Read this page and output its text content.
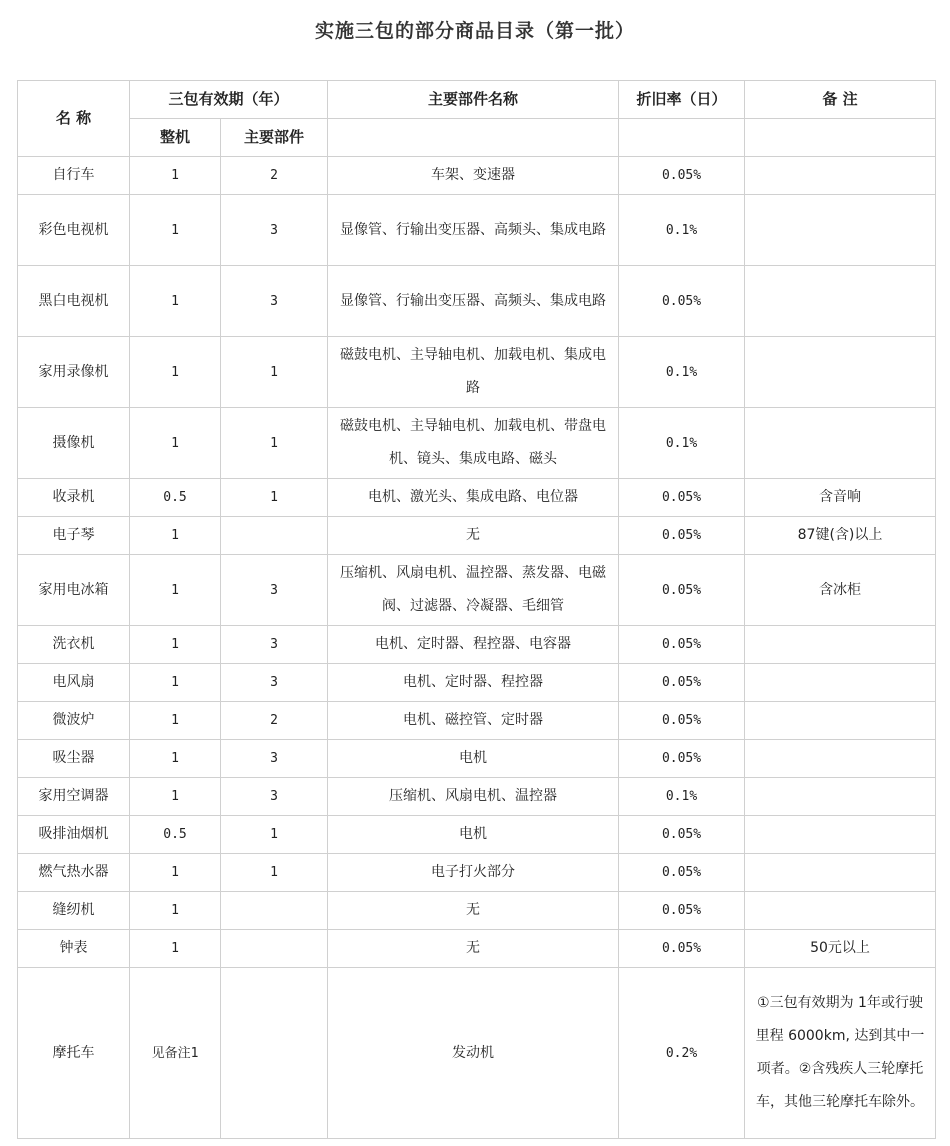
实施三包的部分商品目录（第一批）
名 称	三包有效期（年）		主要部件名称	折旧率（日）	备 注
	整机	主要部件			
自行车	1	2	车架、变速器	0.05%	
彩色电视机	1	3	显像管、行输出变压器、高频头、集成电路	0.1%	
黑白电视机	1	3	显像管、行输出变压器、高频头、集成电路	0.05%	
家用录像机	1	1	磁鼓电机、主导轴电机、加载电机、集成电路	0.1%	
摄像机	1	1	磁鼓电机、主导轴电机、加载电机、带盘电机、镜头、集成电路、磁头	0.1%	
收录机	0.5	1	电机、激光头、集成电路、电位器	0.05%	含音响
电子琴	1		无	0.05%	87键(含)以上
家用电冰箱	1	3	压缩机、风扇电机、温控器、蒸发器、电磁阀、过滤器、冷凝器、毛细管	0.05%	含冰柜
洗衣机	1	3	电机、定时器、程控器、电容器	0.05%	
电风扇	1	3	电机、定时器、程控器	0.05%	
微波炉	1	2	电机、磁控管、定时器	0.05%	
吸尘器	1	3	电机	0.05%	
家用空调器	1	3	压缩机、风扇电机、温控器	0.1%	
吸排油烟机	0.5	1	电机	0.05%	
燃气热水器	1	1	电子打火部分	0.05%	
缝纫机	1		无	0.05%	
钟表	1		无	0.05%	50元以上
摩托车	见备注1		发动机	0.2%	①三包有效期为 1年或行驶 里程 6000km, 达到其中一项者。②含残疾人三轮摩托车，其他三轮摩托车除外。
